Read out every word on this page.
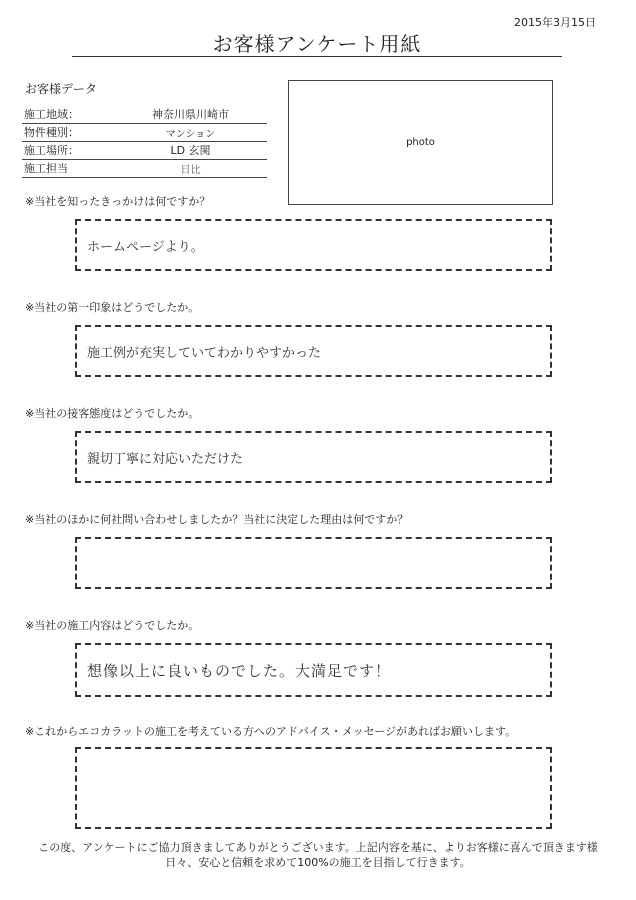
2015年3月15日
お客様アンケート用紙
お客様データ
施工地域：	神奈川県川崎市
物件種別：	マンション
施工場所：	LD 玄関
施工担当	日比
photo
※当社を知ったきっかけは何ですか？
ホームページより。
※当社の第一印象はどうでしたか。
施工例が充実していてわかりやすかった
※当社の接客態度はどうでしたか。
親切丁寧に対応いただけた
※当社のほかに何社問い合わせしましたか？当社に決定した理由は何ですか？
※当社の施工内容はどうでしたか。
想像以上に良いものでした。大満足です！
※これからエコカラットの施工を考えている方へのアドバイス・メッセージがあればお願いします。
この度、アンケートにご協力頂きましてありがとうございます。上記内容を基に、よりお客様に喜んで頂きます様
日々、安心と信頼を求めて100%の施工を目指して行きます。
